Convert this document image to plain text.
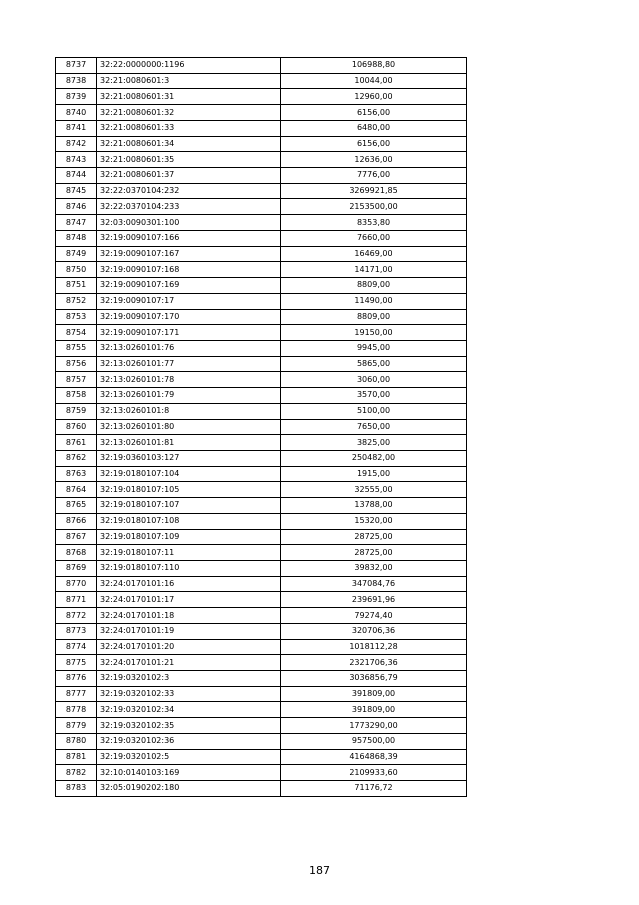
8737	32:22:0000000:1196	106988,80
8738	32:21:0080601:3	10044,00
8739	32:21:0080601:31	12960,00
8740	32:21:0080601:32	6156,00
8741	32:21:0080601:33	6480,00
8742	32:21:0080601:34	6156,00
8743	32:21:0080601:35	12636,00
8744	32:21:0080601:37	7776,00
8745	32:22:0370104:232	3269921,85
8746	32:22:0370104:233	2153500,00
8747	32:03:0090301:100	8353,80
8748	32:19:0090107:166	7660,00
8749	32:19:0090107:167	16469,00
8750	32:19:0090107:168	14171,00
8751	32:19:0090107:169	8809,00
8752	32:19:0090107:17	11490,00
8753	32:19:0090107:170	8809,00
8754	32:19:0090107:171	19150,00
8755	32:13:0260101:76	9945,00
8756	32:13:0260101:77	5865,00
8757	32:13:0260101:78	3060,00
8758	32:13:0260101:79	3570,00
8759	32:13:0260101:8	5100,00
8760	32:13:0260101:80	7650,00
8761	32:13:0260101:81	3825,00
8762	32:19:0360103:127	250482,00
8763	32:19:0180107:104	1915,00
8764	32:19:0180107:105	32555,00
8765	32:19:0180107:107	13788,00
8766	32:19:0180107:108	15320,00
8767	32:19:0180107:109	28725,00
8768	32:19:0180107:11	28725,00
8769	32:19:0180107:110	39832,00
8770	32:24:0170101:16	347084,76
8771	32:24:0170101:17	239691,96
8772	32:24:0170101:18	79274,40
8773	32:24:0170101:19	320706,36
8774	32:24:0170101:20	1018112,28
8775	32:24:0170101:21	2321706,36
8776	32:19:0320102:3	3036856,79
8777	32:19:0320102:33	391809,00
8778	32:19:0320102:34	391809,00
8779	32:19:0320102:35	1773290,00
8780	32:19:0320102:36	957500,00
8781	32:19:0320102:5	4164868,39
8782	32:10:0140103:169	2109933,60
8783	32:05:0190202:180	71176,72
187
